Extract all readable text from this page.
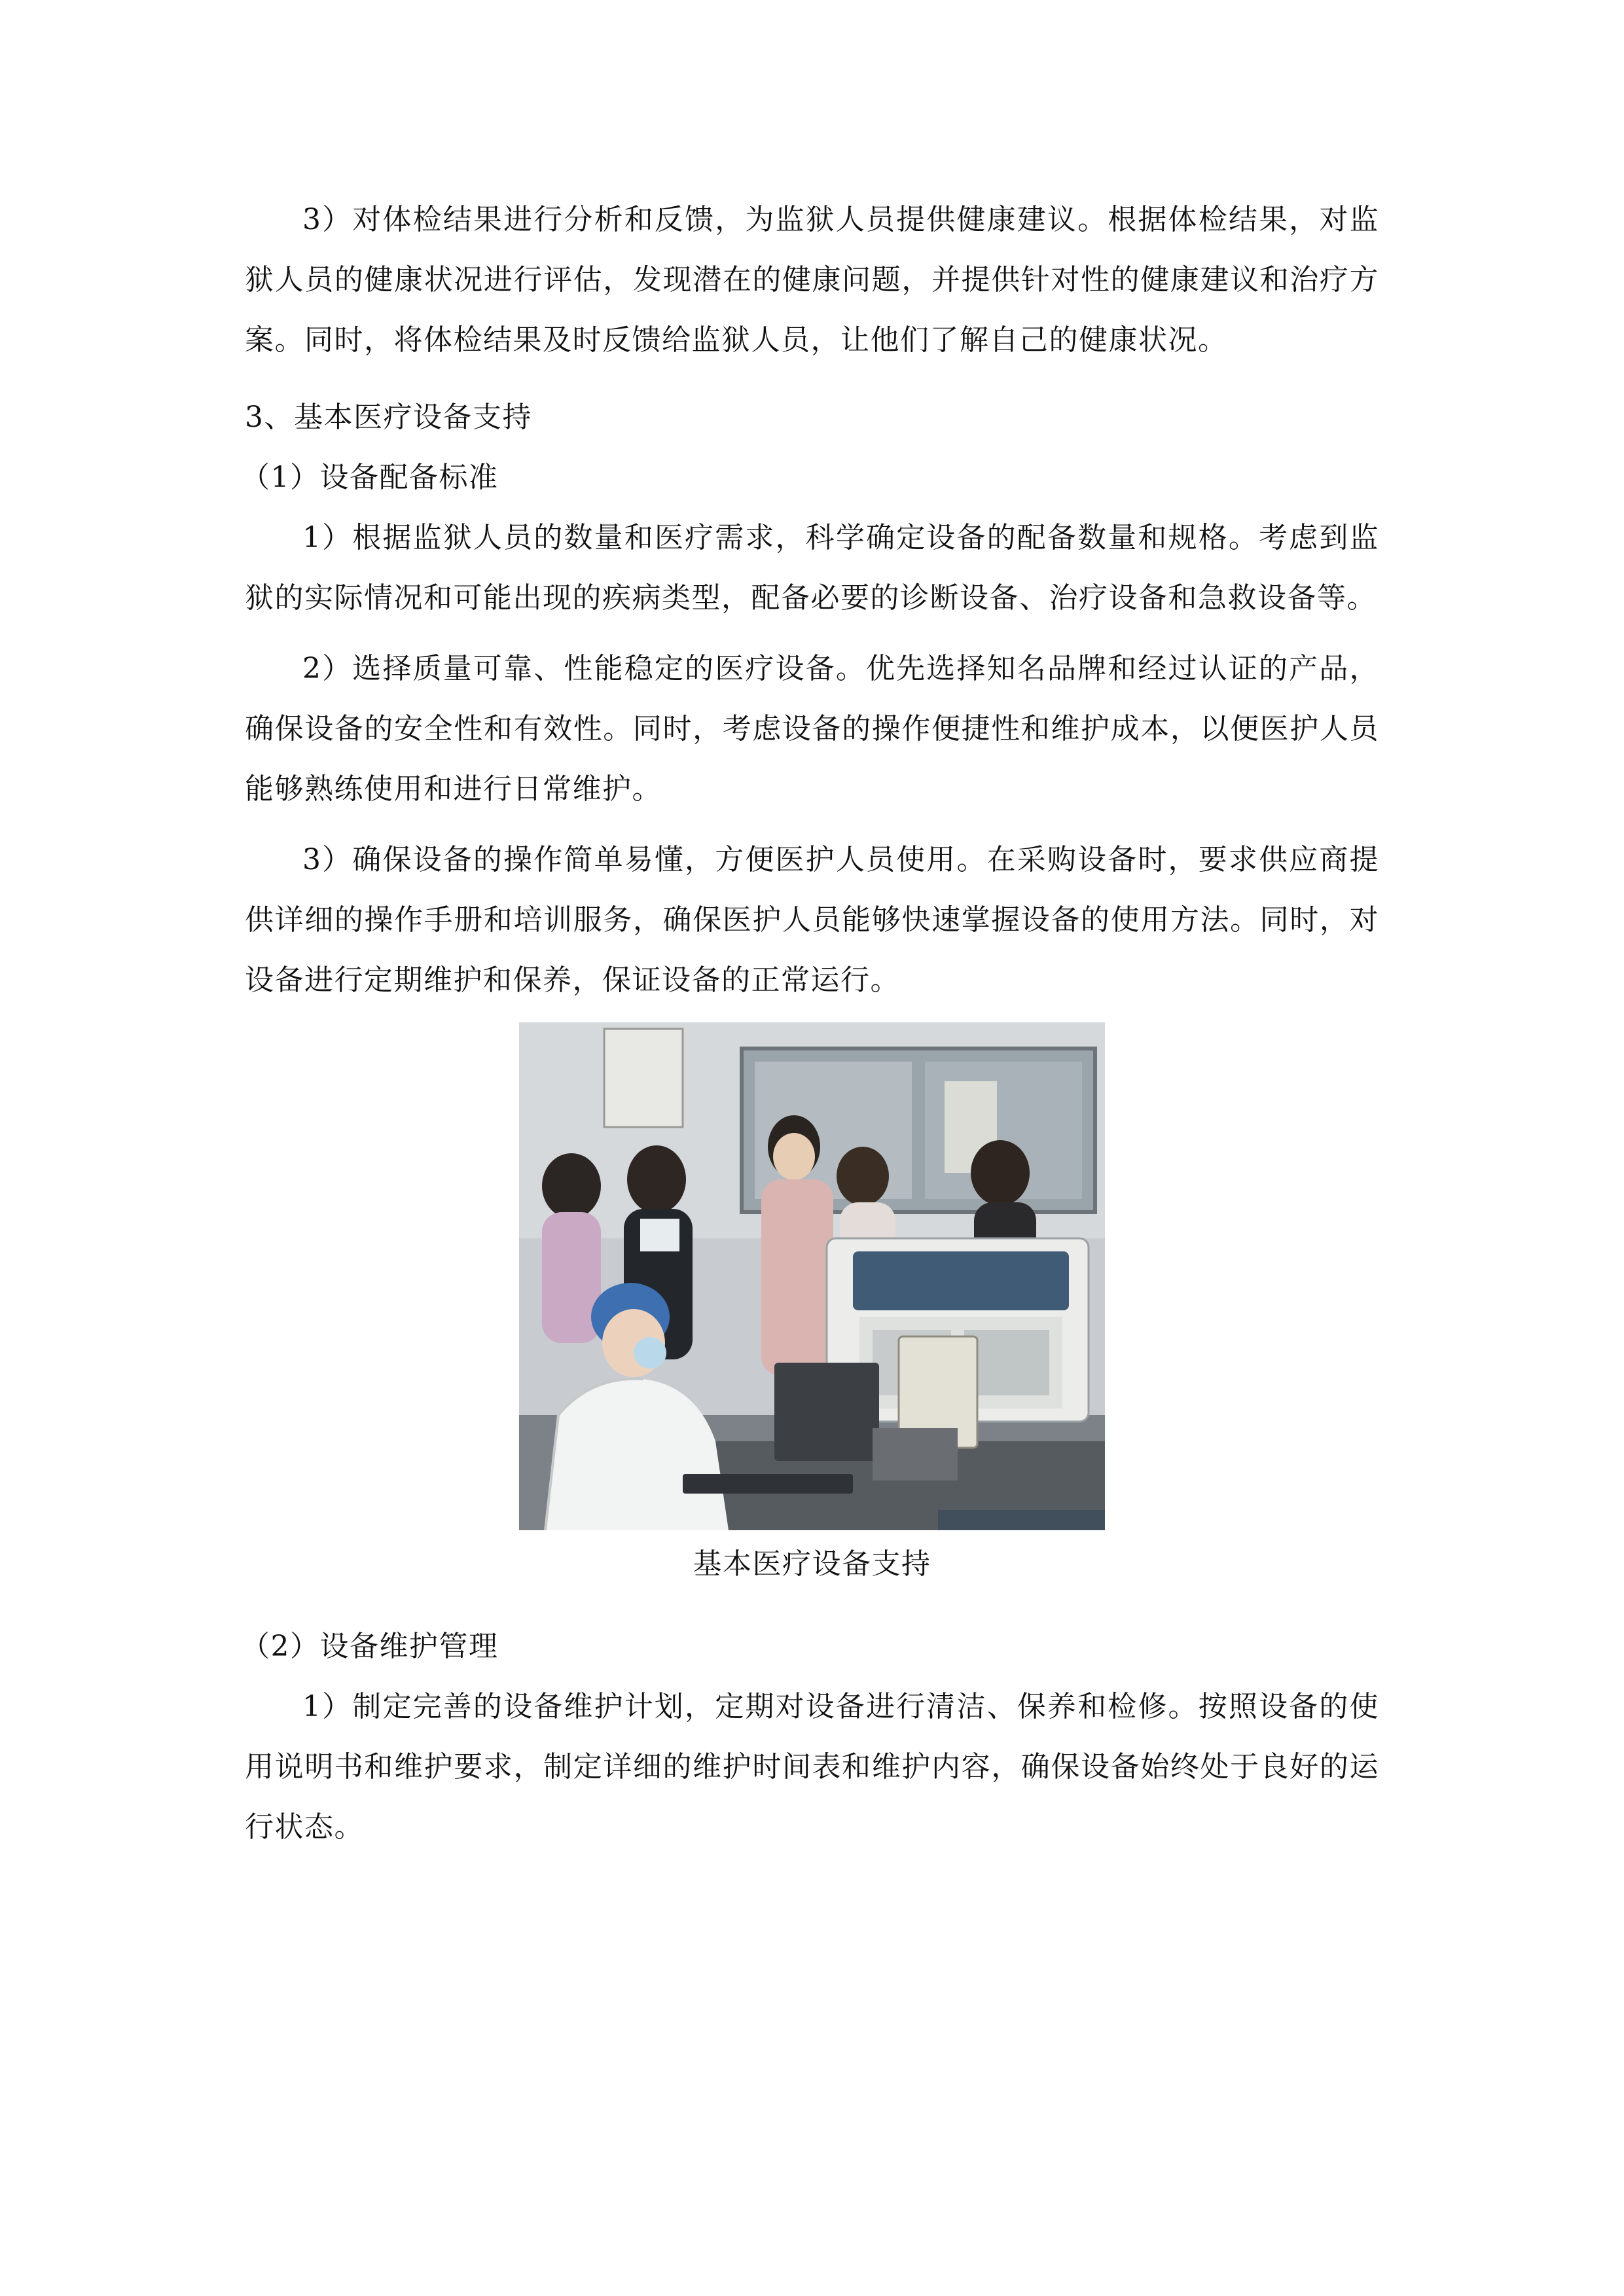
3）对体检结果进行分析和反馈，为监狱人员提供健康建议。根据体检结果，对监狱人员的健康状况进行评估，发现潜在的健康问题，并提供针对性的健康建议和治疗方案。同时，将体检结果及时反馈给监狱人员，让他们了解自己的健康状况。

3、基本医疗设备支持

（1）设备配备标准

1）根据监狱人员的数量和医疗需求，科学确定设备的配备数量和规格。考虑到监狱的实际情况和可能出现的疾病类型，配备必要的诊断设备、治疗设备和急救设备等。

2）选择质量可靠、性能稳定的医疗设备。优先选择知名品牌和经过认证的产品，确保设备的安全性和有效性。同时，考虑设备的操作便捷性和维护成本，以便医护人员能够熟练使用和进行日常维护。

3）确保设备的操作简单易懂，方便医护人员使用。在采购设备时，要求供应商提供详细的操作手册和培训服务，确保医护人员能够快速掌握设备的使用方法。同时，对设备进行定期维护和保养，保证设备的正常运行。

基本医疗设备支持

（2）设备维护管理

1）制定完善的设备维护计划，定期对设备进行清洁、保养和检修。按照设备的使用说明书和维护要求，制定详细的维护时间表和维护内容，确保设备始终处于良好的运行状态。
